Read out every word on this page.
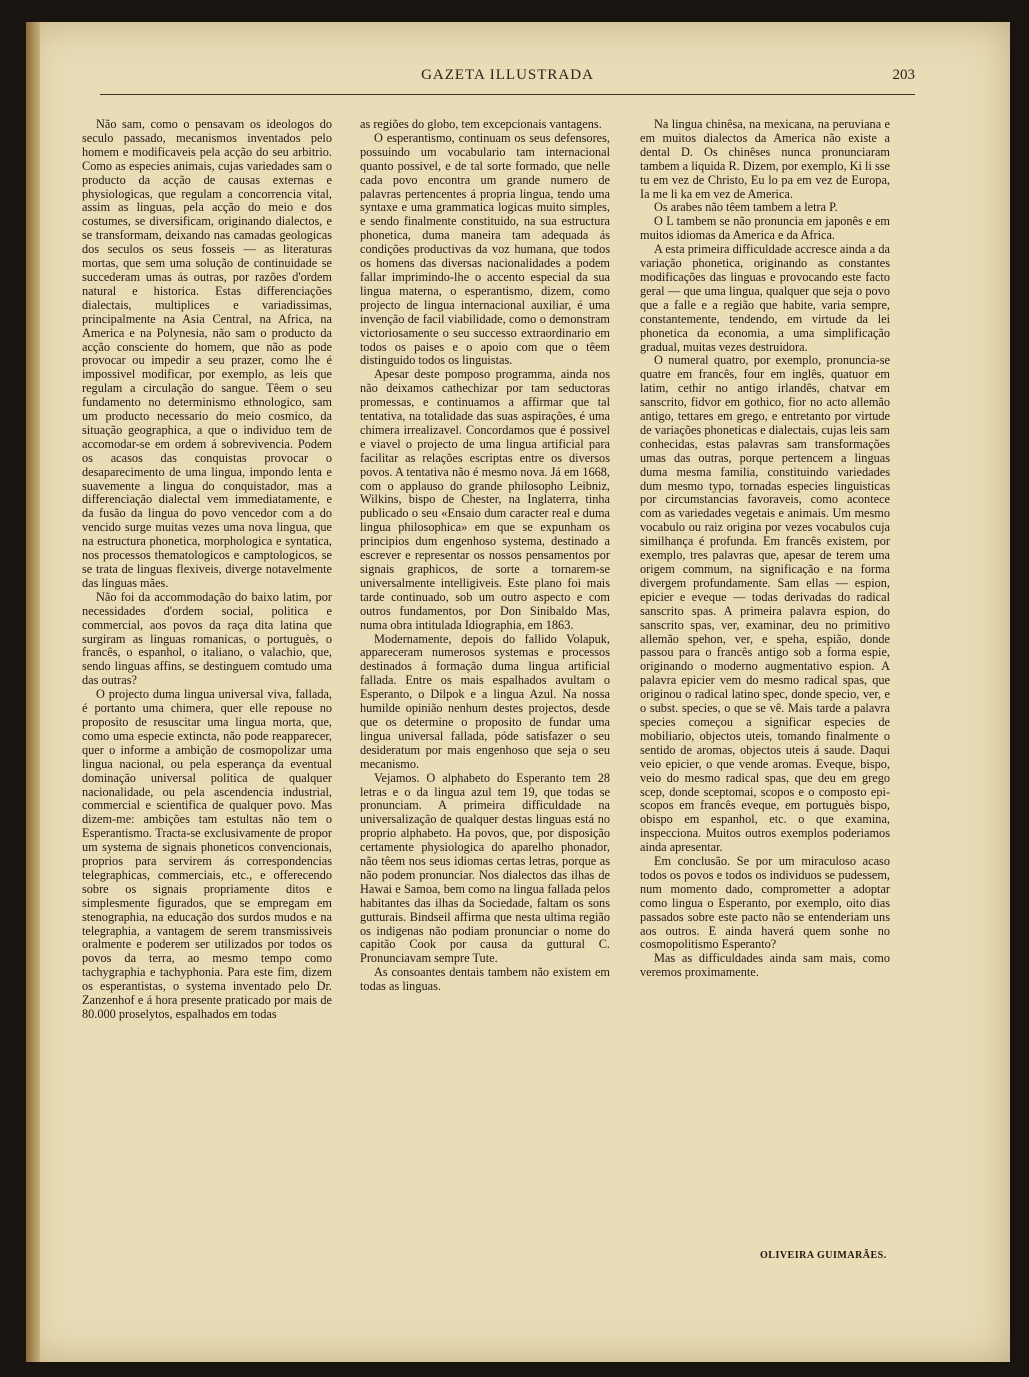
GAZETA ILLUSTRADA	203

Não sam, como o pensavam os ideologos do seculo passado, mecanismos inventados pelo homem e modificaveis pela acção do seu arbitrio. Como as especies animais, cujas variedades sam o producto da acção de causas externas e physiologicas, que regulam a concorrencia vital, assim as linguas, pela acção do meio e dos costumes, se diversificam, originando dialectos, e se transformam, deixando nas camadas geologicas dos seculos os seus fosseis — as literaturas mortas, que sem uma solução de continuidade se succederam umas ás outras, por razões d'ordem natural e historica. Estas differenciações dialectais, multiplices e variadissimas, principalmente na Asia Central, na Africa, na America e na Polynesia, não sam o producto da acção consciente do homem, que não as pode provocar ou impedir a seu prazer, como lhe é impossivel modificar, por exemplo, as leis que regulam a circulação do sangue. Têem o seu fundamento no determinismo ethnologico, sam um producto necessario do meio cosmico, da situação geographica, a que o individuo tem de accomodar-se em ordem á sobrevivencia. Podem os acasos das conquistas provocar o desaparecimento de uma lingua, impondo lenta e suavemente a lingua do conquistador, mas a differenciação dialectal vem immediatamente, e da fusão da lingua do povo vencedor com a do vencido surge muitas vezes uma nova lingua, que na estructura phonetica, morphologica e syntatica, nos processos thematologicos e camptologicos, se se trata de linguas flexiveis, diverge notavelmente das linguas mães.

Não foi da accommodação do baixo latim, por necessidades d'ordem social, politica e commercial, aos povos da raça dita latina que surgiram as linguas romanicas, o portuguès, o francês, o espanhol, o italiano, o valachio, que, sendo linguas affins, se destinguem comtudo uma das outras?

O projecto duma lingua universal viva, fallada, é portanto uma chimera, quer elle repouse no proposito de resuscitar uma lingua morta, que, como uma especie extincta, não pode reapparecer, quer o informe a ambição de cosmopolizar uma lingua nacional, ou pela esperança da eventual dominação universal politica de qualquer nacionalidade, ou pela ascendencia industrial, commercial e scientifica de qualquer povo. Mas dizem-me: ambições tam estultas não tem o Esperantismo. Tracta-se exclusivamente de propor um systema de signais phoneticos convencionais, proprios para servirem ás correspondencias telegraphicas, commerciais, etc., e offerecendo sobre os signais propriamente ditos e simplesmente figurados, que se empregam em stenographia, na educação dos surdos mudos e na telegraphia, a vantagem de serem transmissiveis oralmente e poderem ser utilizados por todos os povos da terra, ao mesmo tempo como tachygraphia e tachyphonia. Para este fim, dizem os esperantistas, o systema inventado pelo Dr. Zanzenhof e á hora presente praticado por mais de 80.000 proselytos, espalhados em todas

as regiões do globo, tem excepcionais vantagens.

O esperantismo, continuam os seus defensores, possuindo um vocabulario tam internacional quanto possivel, e de tal sorte formado, que nelle cada povo encontra um grande numero de palavras pertencentes á propria lingua, tendo uma syntaxe e uma grammatica logicas muito simples, e sendo finalmente constituido, na sua estructura phonetica, duma maneira tam adequada ás condições productivas da voz humana, que todos os homens das diversas nacionalidades a podem fallar imprimindo-lhe o accento especial da sua lingua materna, o esperantismo, dizem, como projecto de lingua internacional auxiliar, é uma invenção de facil viabilidade, como o demonstram victoriosamente o seu successo extraordinario em todos os paises e o apoio com que o têem distinguido todos os linguistas.

Apesar deste pomposo programma, ainda nos não deixamos cathechizar por tam seductoras promessas, e continuamos a affirmar que tal tentativa, na totalidade das suas aspirações, é uma chimera irrealizavel. Concordamos que é possivel e viavel o projecto de uma lingua artificial para facilitar as relações escriptas entre os diversos povos. A tentativa não é mesmo nova. Já em 1668, com o applauso do grande philosopho Leibniz, Wilkins, bispo de Chester, na Inglaterra, tinha publicado o seu «Ensaio dum caracter real e duma lingua philosophica» em que se expunham os principios dum engenhoso systema, destinado a escrever e representar os nossos pensamentos por signais graphicos, de sorte a tornarem-se universalmente intelligiveis. Este plano foi mais tarde continuado, sob um outro aspecto e com outros fundamentos, por Don Sinibaldo Mas, numa obra intitulada Idiographia, em 1863.

Modernamente, depois do fallido Volapuk, appareceram numerosos systemas e processos destinados á formação duma lingua artificial fallada. Entre os mais espalhados avultam o Esperanto, o Dilpok e a lingua Azul. Na nossa humilde opinião nenhum destes projectos, desde que os determine o proposito de fundar uma lingua universal fallada, póde satisfazer o seu desideratum por mais engenhoso que seja o seu mecanismo.

Vejamos. O alphabeto do Esperanto tem 28 letras e o da lingua azul tem 19, que todas se pronunciam. A primeira difficuldade na universalização de qualquer destas linguas está no proprio alphabeto. Ha povos, que, por disposição certamente physiologica do aparelho phonador, não têem nos seus idiomas certas letras, porque as não podem pronunciar. Nos dialectos das ilhas de Hawai e Samoa, bem como na lingua fallada pelos habitantes das ilhas da Sociedade, faltam os sons gutturais. Bindseil affirma que nesta ultima região os indigenas não podiam pronunciar o nome do capitão Cook por causa da guttural C. Pronunciavam sempre Tute.

As consoantes dentais tambem não existem em todas as linguas.

Na lingua chinêsa, na mexicana, na peruviana e em muitos dialectos da America não existe a dental D. Os chinêses nunca pronunciaram tambem a liquida R. Dizem, por exemplo, Ki li sse tu em vez de Christo, Eu lo pa em vez de Europa, Ia me li ka em vez de America.

Os arabes não têem tambem a letra P.

O L tambem se não pronuncia em japonês e em muitos idiomas da America e da Africa.

A esta primeira difficuldade accresce ainda a da variação phonetica, originando as constantes modificações das linguas e provocando este facto geral — que uma lingua, qualquer que seja o povo que a falle e a região que habite, varia sempre, constantemente, tendendo, em virtude da lei phonetica da economia, a uma simplificação gradual, muitas vezes destruidora.

O numeral quatro, por exemplo, pronuncia-se quatre em francês, four em inglês, quatuor em latim, cethir no antigo irlandês, chatvar em sanscrito, fidvor em gothico, fior no acto allemão antigo, tettares em grego, e entretanto por virtude de variações phoneticas e dialectais, cujas leis sam conhecidas, estas palavras sam transformações umas das outras, porque pertencem a linguas duma mesma familia, constituindo variedades dum mesmo typo, tornadas especies linguisticas por circumstancias favoraveis, como acontece com as variedades vegetais e animais. Um mesmo vocabulo ou raiz origina por vezes vocabulos cuja similhança é profunda. Em francês existem, por exemplo, tres palavras que, apesar de terem uma origem commum, na significação e na forma divergem profundamente. Sam ellas — espion, epicier e eveque — todas derivadas do radical sanscrito spas. A primeira palavra espion, do sanscrito spas, ver, examinar, deu no primitivo allemão spehon, ver, e speha, espião, donde passou para o francês antigo sob a forma espie, originando o moderno augmentativo espion. A palavra epicier vem do mesmo radical spas, que originou o radical latino spec, donde specio, ver, e o subst. species, o que se vê. Mais tarde a palavra species começou a significar especies de mobiliario, objectos uteis, tomando finalmente o sentido de aromas, objectos uteis á saude. Daqui veio epicier, o que vende aromas. Eveque, bispo, veio do mesmo radical spas, que deu em grego scep, donde sceptomai, scopos e o composto epi-scopos em francês eveque, em portuguès bispo, obispo em espanhol, etc. o que examina, inspecciona. Muitos outros exemplos poderiamos ainda apresentar.

Em conclusão. Se por um miraculoso acaso todos os povos e todos os individuos se pudessem, num momento dado, comprometter a adoptar como lingua o Esperanto, por exemplo, oito dias passados sobre este pacto não se entenderiam uns aos outros. E ainda haverá quem sonhe no cosmopolitismo Esperanto?

Mas as difficuldades ainda sam mais, como veremos proximamente.

OLIVEIRA GUIMARÃES.
